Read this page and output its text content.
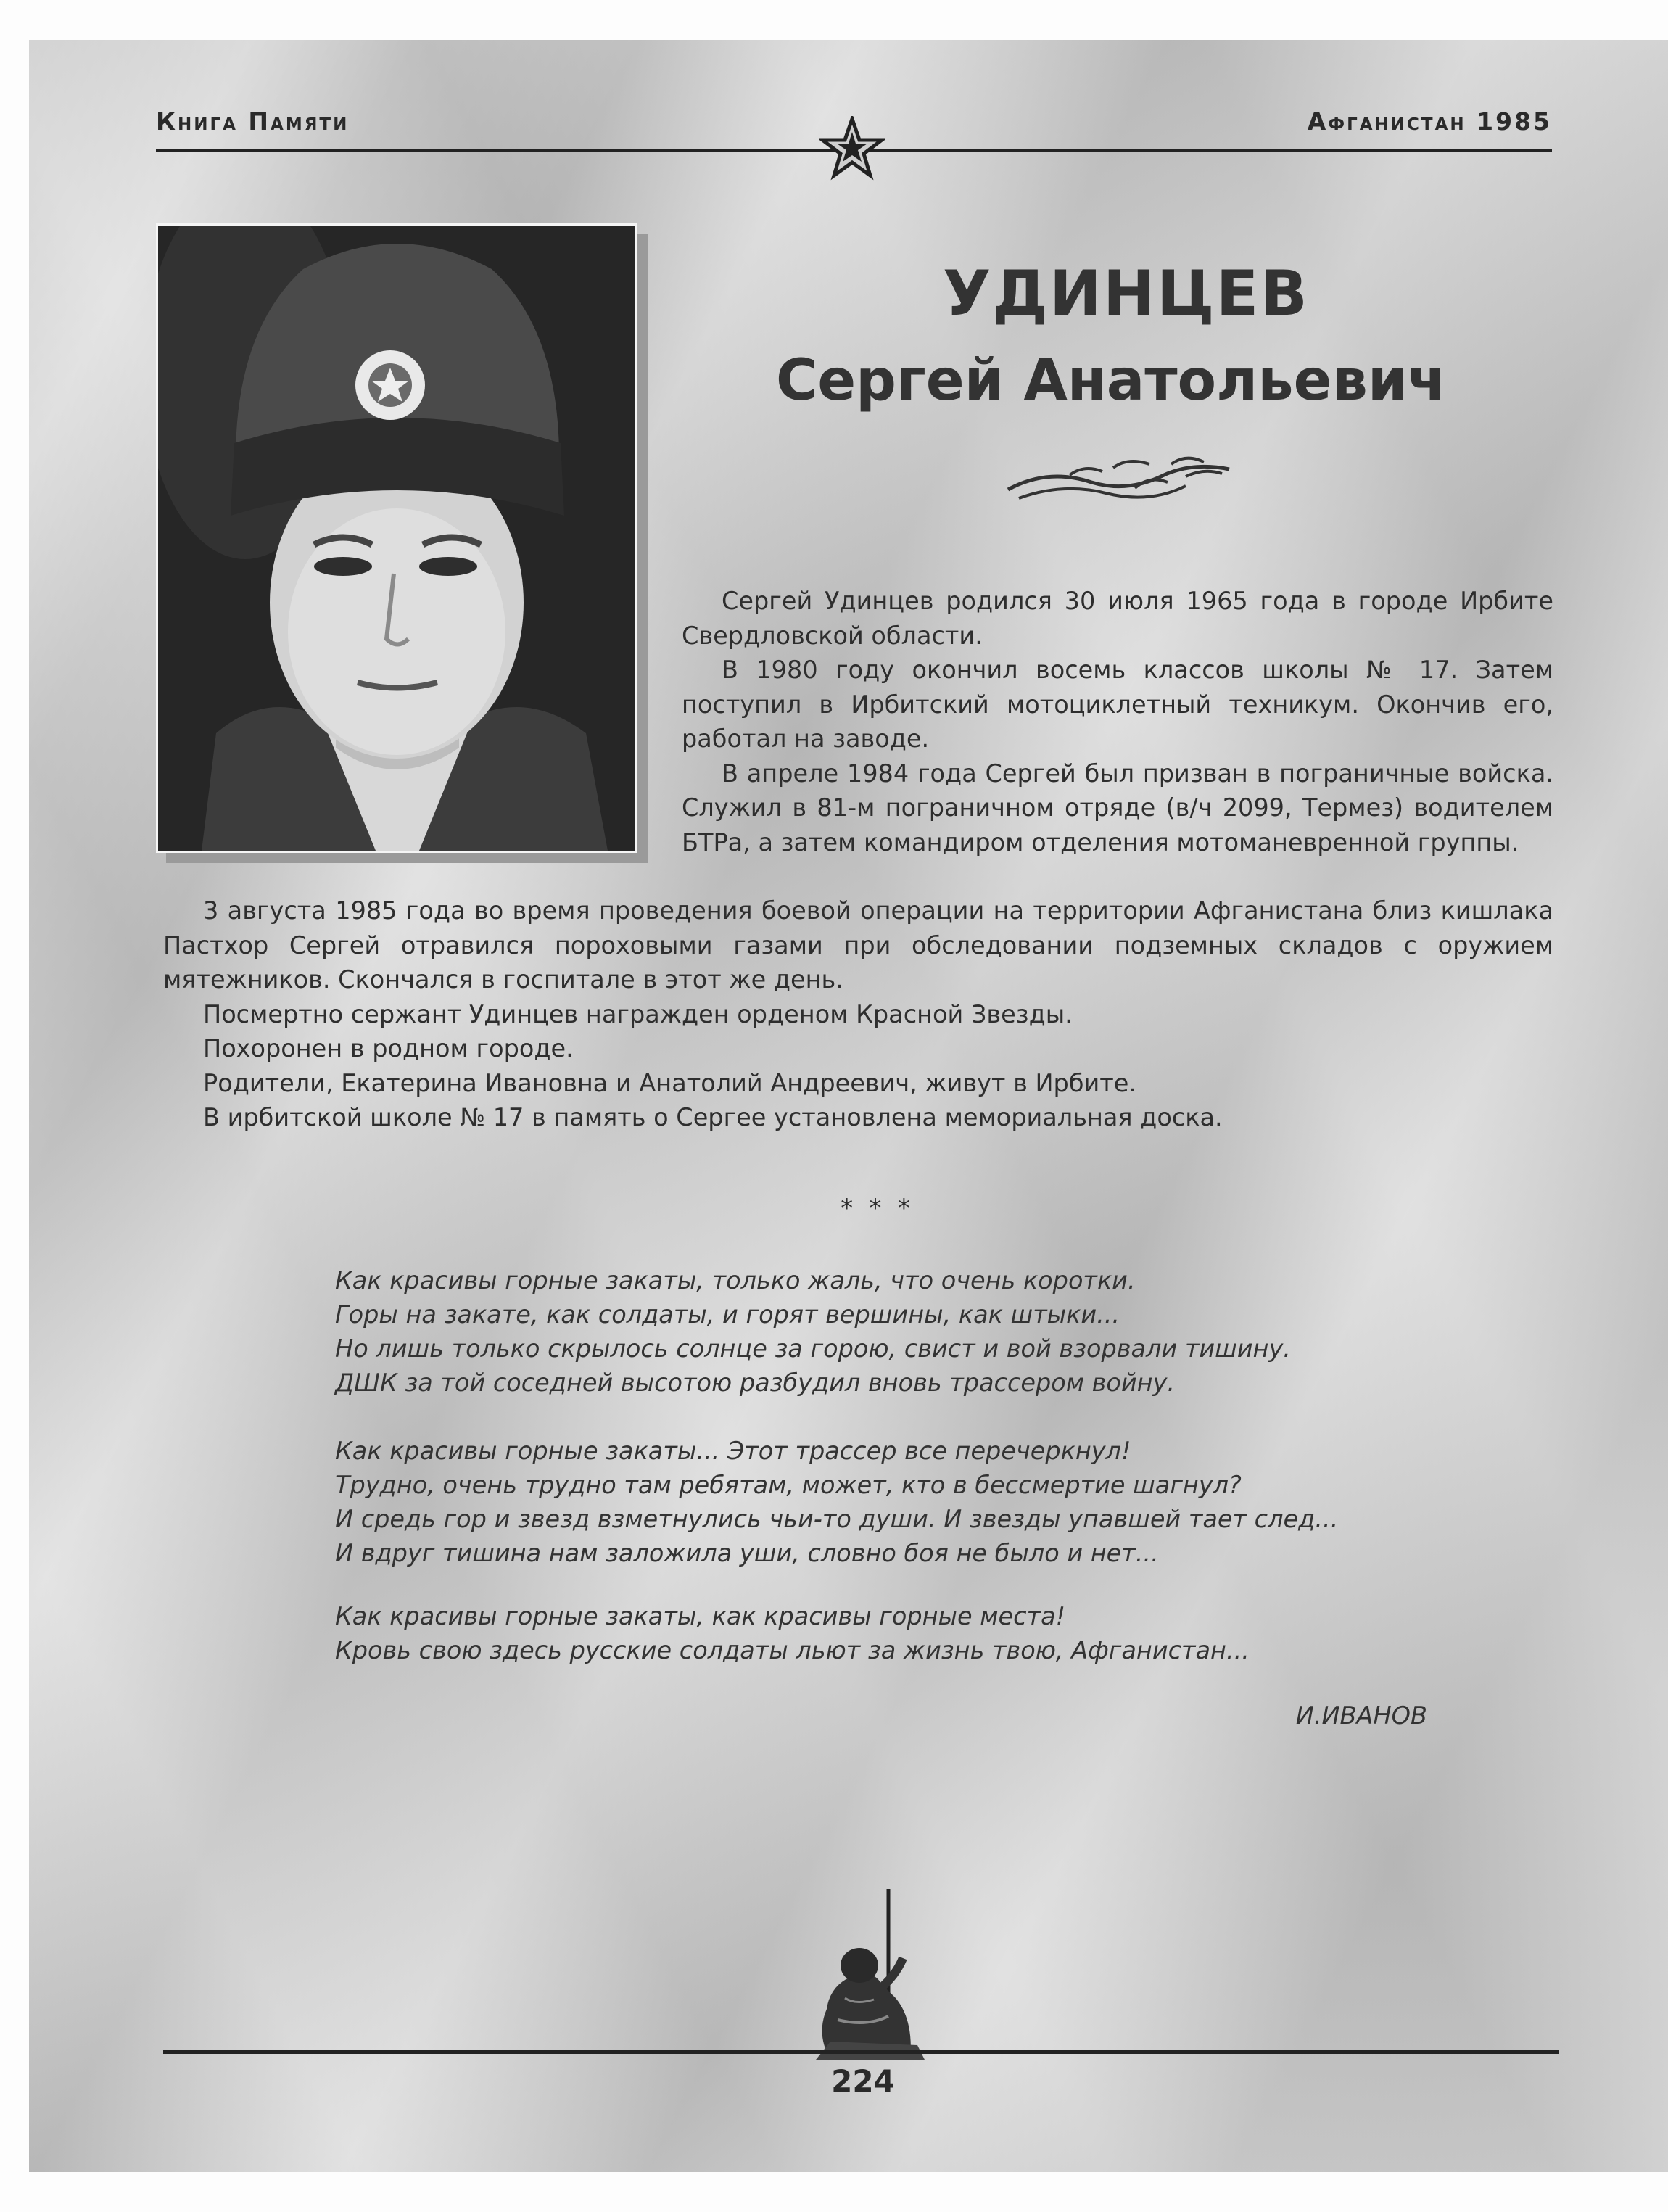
Книга Памяти	Афганистан 1985
УДИНЦЕВ
Сергей Анатольевич

Сергей Удинцев родился 30 июля 1965 года в городе Ирбите Свердловской области.

В 1980 году окончил восемь классов школы № 17. Затем поступил в Ирбитский мотоциклетный техникум. Окончив его, работал на заводе.

В апреле 1984 года Сергей был призван в пограничные войска. Служил в 81-м пограничном отряде (в/ч 2099, Термез) водителем БТРа, а затем командиром отделения мотоманевренной группы.

3 августа 1985 года во время проведения боевой операции на территории Афганистана близ кишлака Пастхор Сергей отравился пороховыми газами при обследовании подземных складов с оружием мятежников. Скончался в госпитале в этот же день.

Посмертно сержант Удинцев награжден орденом Красной Звезды.

Похоронен в родном городе.

Родители, Екатерина Ивановна и Анатолий Андреевич, живут в Ирбите.

В ирбитской школе № 17 в память о Сергее установлена мемориальная доска.

* * *
Как красивы горные закаты, только жаль, что очень коротки.
Горы на закате, как солдаты, и горят вершины, как штыки...
Но лишь только скрылось солнце за горою, свист и вой взорвали тишину.
ДШК за той соседней высотою разбудил вновь трассером войну.
Как красивы горные закаты... Этот трассер все перечеркнул!
Трудно, очень трудно там ребятам, может, кто в бессмертие шагнул?
И средь гор и звезд взметнулись чьи-то души. И звезды упавшей тает след...
И вдруг тишина нам заложила уши, словно боя не было и нет...
Как красивы горные закаты, как красивы горные места!
Кровь свою здесь русские солдаты льют за жизнь твою, Афганистан...
И.ИВАНОВ
224
